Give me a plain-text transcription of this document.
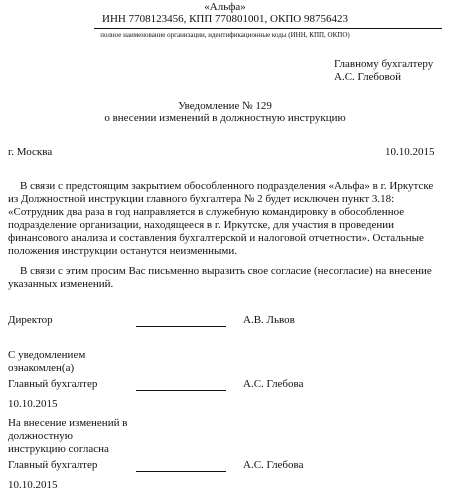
«Альфа»
ИНН 7708123456, КПП 770801001, ОКПО 98756423
полное наименование организации, идентификационные коды (ИНН, КПП, ОКПО)
Главному бухгалтеру
А.С. Глебовой
Уведомление № 129
о внесении изменений в должностную инструкцию
г. Москва	10.10.2015
В связи с предстоящим закрытием обособленного подразделения «Альфа» в г. Иркутске из Должностной инструкции главного бухгалтера № 2 будет исключен пункт 3.18: «Сотрудник два раза в год направляется в служебную командировку в обособленное подразделение организации, находящееся в г. Иркутске, для участия в проведении финансового анализа и составления бухгалтерской и налоговой отчетности». Остальные положения инструкции останутся неизменными.
В связи с этим просим Вас письменно выразить свое согласие (несогласие) на внесение указанных изменений.
Директор	А.В. Львов
С уведомлением ознакомлен(а)
Главный бухгалтер	А.С. Глебова
10.10.2015
На внесение изменений в должностную инструкцию согласна
Главный бухгалтер	А.С. Глебова
10.10.2015
